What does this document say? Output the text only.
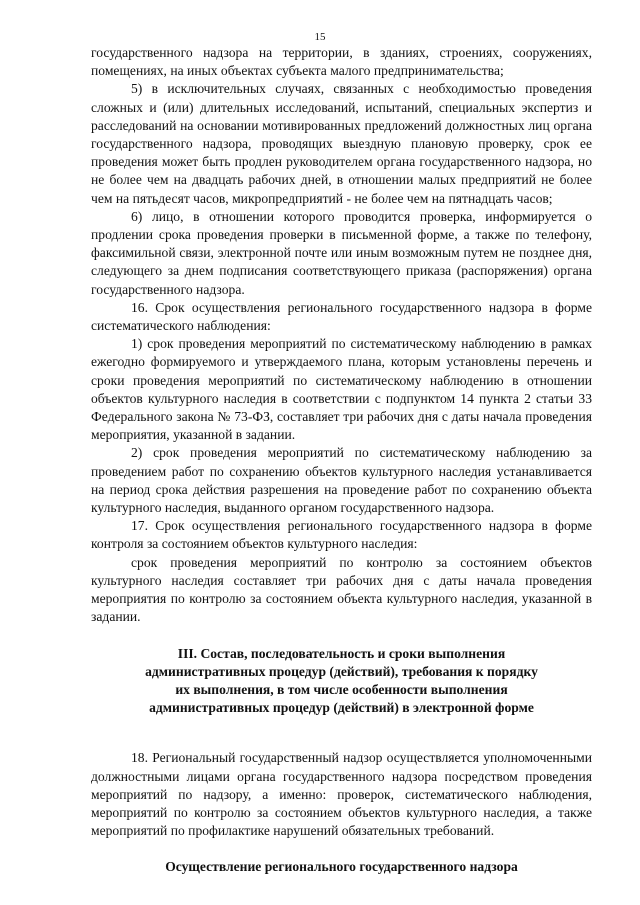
15

государственного надзора на территории, в зданиях, строениях, сооружениях, помещениях, на иных объектах субъекта малого предпринимательства;

5) в исключительных случаях, связанных с необходимостью проведения сложных и (или) длительных исследований, испытаний, специальных экспертиз и расследований на основании мотивированных предложений должностных лиц органа государственного надзора, проводящих выездную плановую проверку, срок ее проведения может быть продлен руководителем органа государственного надзора, но не более чем на двадцать рабочих дней, в отношении малых предприятий не более чем на пятьдесят часов, микропредприятий - не более чем на пятнадцать часов;

6) лицо, в отношении которого проводится проверка, информируется о продлении срока проведения проверки в письменной форме, а также по телефону, факсимильной связи, электронной почте или иным возможным путем не позднее дня, следующего за днем подписания соответствующего приказа (распоряжения) органа государственного надзора.

16. Срок осуществления регионального государственного надзора в форме систематического наблюдения:

1) срок проведения мероприятий по систематическому наблюдению в рамках ежегодно формируемого и утверждаемого плана, которым установлены перечень и сроки проведения мероприятий по систематическому наблюдению в отношении объектов культурного наследия в соответствии с подпунктом 14 пункта 2 статьи 33 Федерального закона № 73-ФЗ, составляет три рабочих дня с даты начала проведения мероприятия, указанной в задании.

2) срок проведения мероприятий по систематическому наблюдению за проведением работ по сохранению объектов культурного наследия устанавливается на период срока действия разрешения на проведение работ по сохранению объекта культурного наследия, выданного органом государственного надзора.

17. Срок осуществления регионального государственного надзора в форме контроля за состоянием объектов культурного наследия:

срок проведения мероприятий по контролю за состоянием объектов культурного наследия составляет три рабочих дня с даты начала проведения мероприятия по контролю за состоянием объекта культурного наследия, указанной в задании.

III. Состав, последовательность и сроки выполнения
административных процедур (действий), требования к порядку
их выполнения, в том числе особенности выполнения
административных процедур (действий) в электронной форме

18. Региональный государственный надзор осуществляется уполномоченными должностными лицами органа государственного надзора посредством проведения мероприятий по надзору, а именно: проверок, систематического наблюдения, мероприятий по контролю за состоянием объектов культурного наследия, а также мероприятий по профилактике нарушений обязательных требований.

Осуществление регионального государственного надзора
